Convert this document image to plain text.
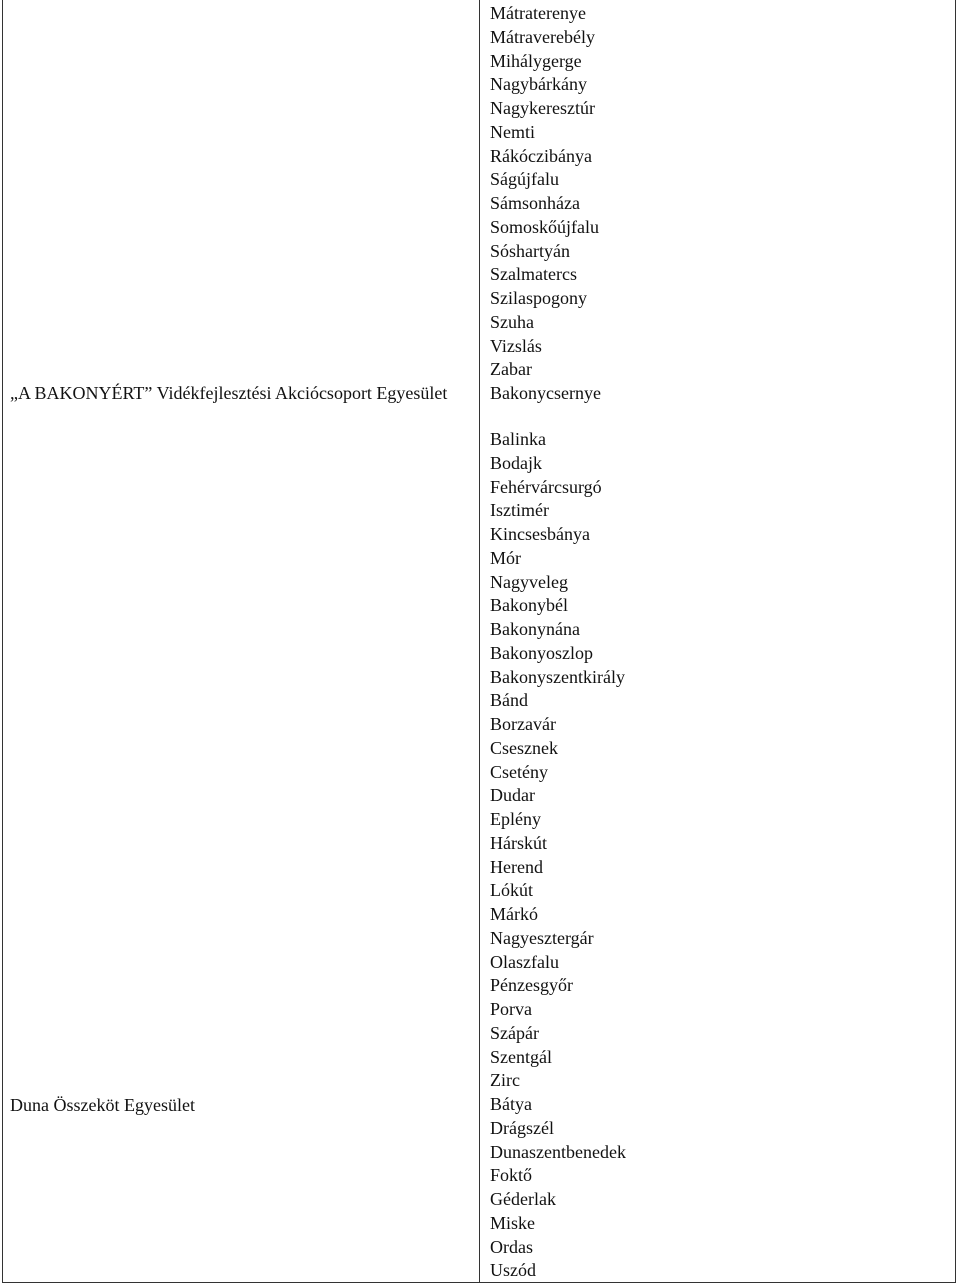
„A BAKONYÉRT” Vidékfejlesztési Akciócsoport Egyesület
Duna Összeköt Egyesület
Mátraterenye
Mátraverebély
Mihálygerge
Nagybárkány
Nagykeresztúr
Nemti
Rákóczibánya
Ságújfalu
Sámsonháza
Somoskőújfalu
Sóshartyán
Szalmatercs
Szilaspogony
Szuha
Vizslás
Zabar
Bakonycsernye
Balinka
Bodajk
Fehérvárcsurgó
Isztimér
Kincsesbánya
Mór
Nagyveleg
Bakonybél
Bakonynána
Bakonyoszlop
Bakonyszentkirály
Bánd
Borzavár
Csesznek
Csetény
Dudar
Eplény
Hárskút
Herend
Lókút
Márkó
Nagyesztergár
Olaszfalu
Pénzesgyőr
Porva
Szápár
Szentgál
Zirc
Bátya
Drágszél
Dunaszentbenedek
Foktő
Géderlak
Miske
Ordas
Uszód
